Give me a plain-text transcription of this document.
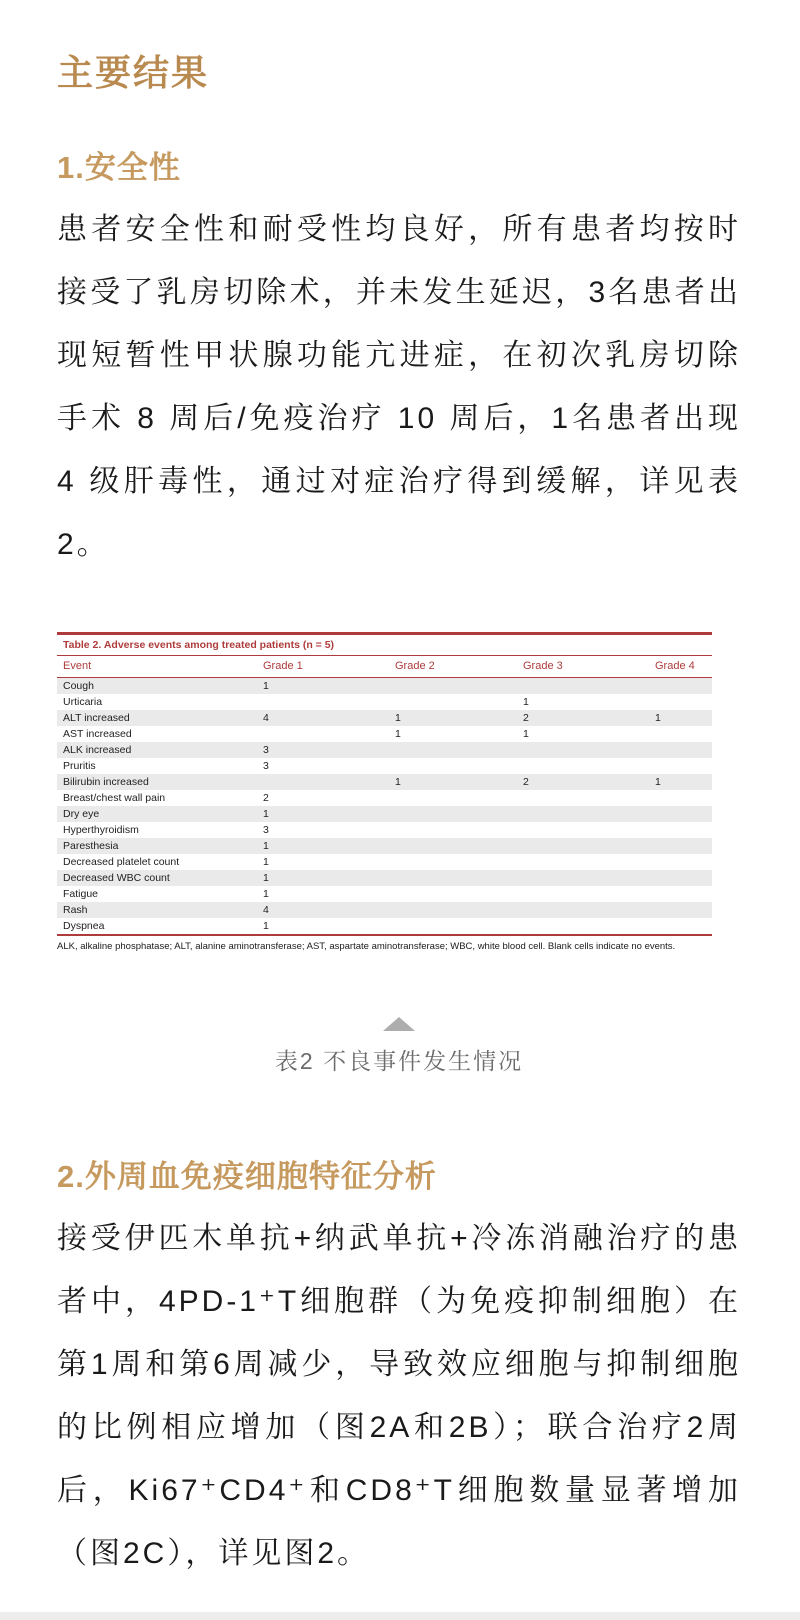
主要结果
1.安全性

患者安全性和耐受性均良好，所有患者均按时接受了乳房切除术，并未发生延迟，3名患者出现短暂性甲状腺功能亢进症，在初次乳房切除手术 8 周后/免疫治疗 10 周后，1名患者出现 4 级肝毒性，通过对症治疗得到缓解，详见表2。

Table 2. Adverse events among treated patients (n = 5)
Event	Grade 1	Grade 2	Grade 3	Grade 4
Cough	1			
Urticaria			1	
ALT increased	4	1	2	1
AST increased		1	1	
ALK increased	3			
Pruritis	3			
Bilirubin increased		1	2	1
Breast/chest wall pain	2			
Dry eye	1			
Hyperthyroidism	3			
Paresthesia	1			
Decreased platelet count	1			
Decreased WBC count	1			
Fatigue	1			
Rash	4			
Dyspnea	1			
ALK, alkaline phosphatase; ALT, alanine aminotransferase; AST, aspartate aminotransferase; WBC, white blood cell. Blank cells indicate no events.
表2 不良事件发生情况
2.外周血免疫细胞特征分析

接受伊匹木单抗+纳武单抗+冷冻消融治疗的患者中，4PD-1⁺T细胞群（为免疫抑制细胞）在第1周和第6周减少，导致效应细胞与抑制细胞的比例相应增加（图2A和2B）；联合治疗2周后，Ki67⁺CD4⁺和CD8⁺T细胞数量显著增加（图2C），详见图2。
